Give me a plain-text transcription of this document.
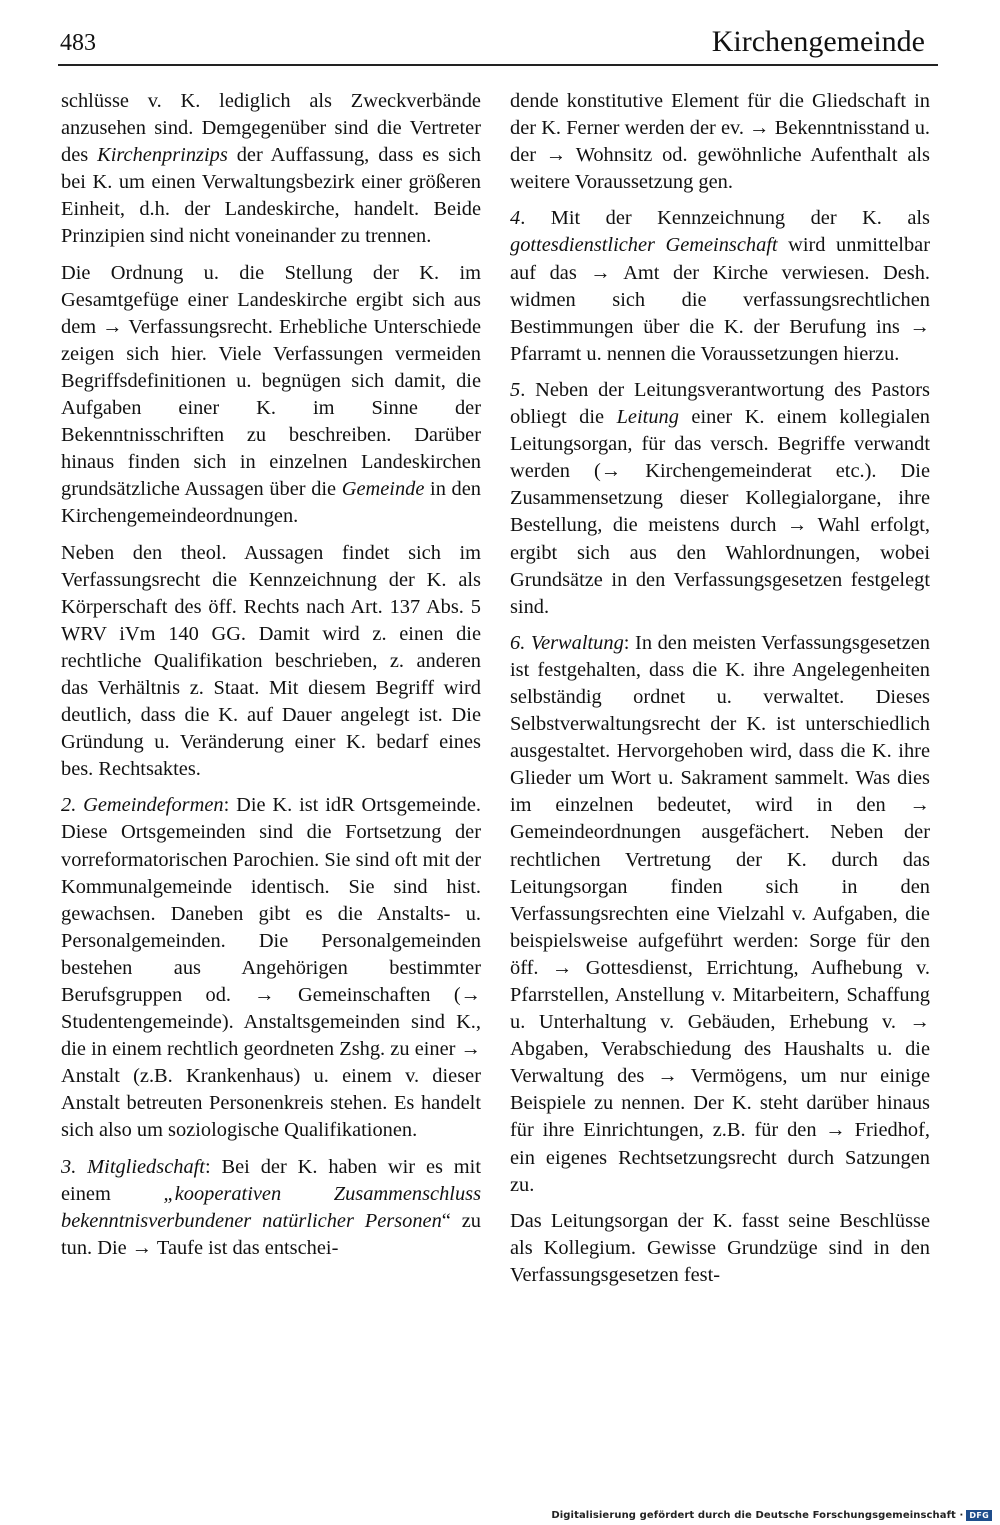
483	Kirchengemeinde

schlüsse v. K. lediglich als Zweckverbände anzusehen sind. Demgegenüber sind die Vertreter des Kirchenprinzips der Auffassung, dass es sich bei K. um einen Verwaltungsbezirk einer größeren Einheit, d.h. der Landeskirche, handelt. Beide Prinzipien sind nicht voneinander zu trennen.

Die Ordnung u. die Stellung der K. im Gesamtgefüge einer Landeskirche ergibt sich aus dem → Verfassungsrecht. Erhebliche Unterschiede zeigen sich hier. Viele Verfassungen vermeiden Begriffsdefinitionen u. begnügen sich damit, die Aufgaben einer K. im Sinne der Bekenntnisschriften zu beschreiben. Darüber hinaus finden sich in einzelnen Landeskirchen grundsätzliche Aussagen über die Gemeinde in den Kirchengemeindeordnungen.

Neben den theol. Aussagen findet sich im Verfassungsrecht die Kennzeichnung der K. als Körperschaft des öff. Rechts nach Art. 137 Abs. 5 WRV iVm 140 GG. Damit wird z. einen die rechtliche Qualifikation beschrieben, z. anderen das Verhältnis z. Staat. Mit diesem Begriff wird deutlich, dass die K. auf Dauer angelegt ist. Die Gründung u. Veränderung einer K. bedarf eines bes. Rechtsaktes.

2. Gemeindeformen: Die K. ist idR Ortsgemeinde. Diese Ortsgemeinden sind die Fortsetzung der vorreformatorischen Parochien. Sie sind oft mit der Kommunalgemeinde identisch. Sie sind hist. gewachsen. Daneben gibt es die Anstalts- u. Personalgemeinden. Die Personalgemeinden bestehen aus Angehörigen bestimmter Berufsgruppen od. → Gemeinschaften (→ Studentengemeinde). Anstaltsgemeinden sind K., die in einem rechtlich geordneten Zshg. zu einer → Anstalt (z.B. Krankenhaus) u. einem v. dieser Anstalt betreuten Personenkreis stehen. Es handelt sich also um soziologische Qualifikationen.

3. Mitgliedschaft: Bei der K. haben wir es mit einem „kooperativen Zusammenschluss bekenntnisverbundener natürlicher Personen“ zu tun. Die → Taufe ist das entschei-

dende konstitutive Element für die Gliedschaft in der K. Ferner werden der ev. → Bekenntnisstand u. der → Wohnsitz od. gewöhnliche Aufenthalt als weitere Voraussetzung gen.

4. Mit der Kennzeichnung der K. als gottesdienstlicher Gemeinschaft wird unmittelbar auf das → Amt der Kirche verwiesen. Desh. widmen sich die verfassungsrechtlichen Bestimmungen über die K. der Berufung ins → Pfarramt u. nennen die Voraussetzungen hierzu.

5. Neben der Leitungsverantwortung des Pastors obliegt die Leitung einer K. einem kollegialen Leitungsorgan, für das versch. Begriffe verwandt werden (→ Kirchengemeinderat etc.). Die Zusammensetzung dieser Kollegialorgane, ihre Bestellung, die meistens durch → Wahl erfolgt, ergibt sich aus den Wahlordnungen, wobei Grundsätze in den Verfassungsgesetzen festgelegt sind.

6. Verwaltung: In den meisten Verfassungsgesetzen ist festgehalten, dass die K. ihre Angelegenheiten selbständig ordnet u. verwaltet. Dieses Selbstverwaltungsrecht der K. ist unterschiedlich ausgestaltet. Hervorgehoben wird, dass die K. ihre Glieder um Wort u. Sakrament sammelt. Was dies im einzelnen bedeutet, wird in den → Gemeindeordnungen ausgefächert. Neben der rechtlichen Vertretung der K. durch das Leitungsorgan finden sich in den Verfassungsrechten eine Vielzahl v. Aufgaben, die beispielsweise aufgeführt werden: Sorge für den öff. → Gottesdienst, Errichtung, Aufhebung v. Pfarrstellen, Anstellung v. Mitarbeitern, Schaffung u. Unterhaltung v. Gebäuden, Erhebung v. → Abgaben, Verabschiedung des Haushalts u. die Verwaltung des → Vermögens, um nur einige Beispiele zu nennen. Der K. steht darüber hinaus für ihre Einrichtungen, z.B. für den → Friedhof, ein eigenes Rechtsetzungsrecht durch Satzungen zu.

Das Leitungsorgan der K. fasst seine Beschlüsse als Kollegium. Gewisse Grundzüge sind in den Verfassungsgesetzen fest-

Digitalisierung gefördert durch die Deutsche Forschungsgemeinschaft · DFG
